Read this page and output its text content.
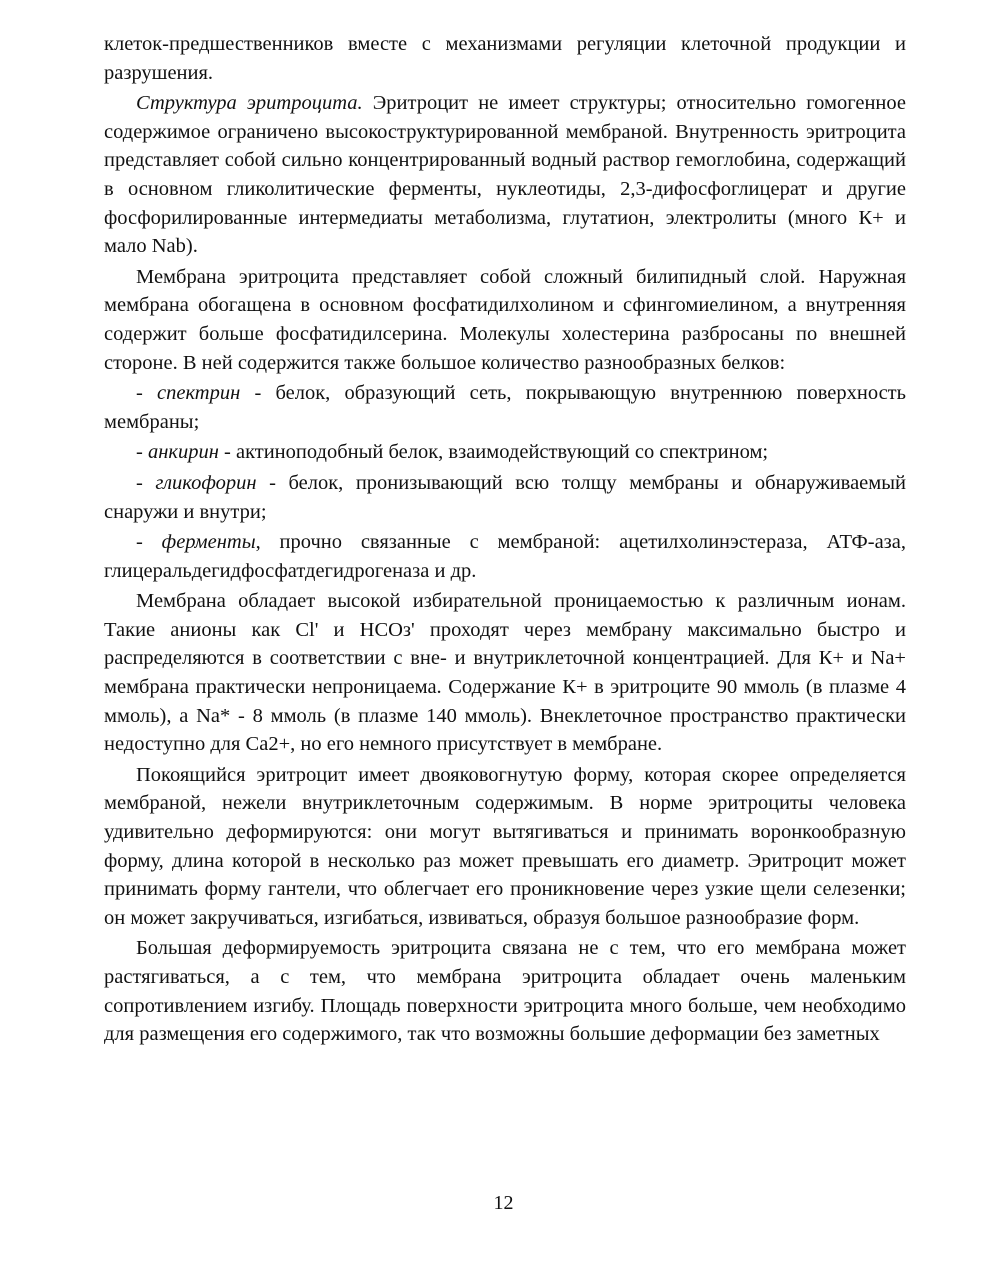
клеток-предшественников вместе с механизмами регуляции клеточной продукции и разрушения.

Структура эритроцита. Эритроцит не имеет структуры; относительно гомогенное содержимое ограничено высокоструктурированной мембраной. Внутренность эритроцита представляет собой сильно концентрированный водный раствор гемоглобина, содержащий в основном гликолитические ферменты, нуклеотиды, 2,3-дифосфоглицерат и другие фосфорилированные интермедиаты метаболизма, глутатион, электролиты (много К+ и мало Nab).

Мембрана эритроцита представляет собой сложный билипидный слой. Наружная мембрана обогащена в основном фосфатидилхолином и сфингомиелином, а внутренняя содержит больше фосфатидилсерина. Молекулы холестерина разбросаны по внешней стороне. В ней содержится также большое количество разнообразных белков:

- спектрин - белок, образующий сеть, покрывающую внутреннюю поверхность мембраны;

- анкирин - актиноподобный белок, взаимодействующий со спектрином;

- гликофорин - белок, пронизывающий всю толщу мембраны и обнаруживаемый снаружи и внутри;

- ферменты, прочно связанные с мембраной: ацетилхолинэстераза, АТФ-аза, глицеральдегидфосфатдегидрогеназа и др.

Мембрана обладает высокой избирательной проницаемостью к различным ионам. Такие анионы как Cl' и НСОз' проходят через мембрану максимально быстро и распределяются в соответствии с вне- и внутриклеточной концентрацией. Для К+ и Na+ мембрана практически непроницаема. Содержание К+ в эритроците 90 ммоль (в плазме 4 ммоль), а Na* - 8 ммоль (в плазме 140 ммоль). Внеклеточное пространство практически недоступно для Са2+, но его немного присутствует в мембране.

Покоящийся эритроцит имеет двояковогнутую форму, которая скорее определяется мембраной, нежели внутриклеточным содержимым. В норме эритроциты человека удивительно деформируются: они могут вытягиваться и принимать воронкообразную форму, длина которой в несколько раз может превышать его диаметр. Эритроцит может принимать форму гантели, что облегчает его проникновение через узкие щели селезенки; он может закручиваться, изгибаться, извиваться, образуя большое разнообразие форм.

Большая деформируемость эритроцита связана не с тем, что его мембрана может растягиваться, а с тем, что мембрана эритроцита обладает очень маленьким сопротивлением изгибу. Площадь поверхности эритроцита много больше, чем необходимо для размещения его содержимого, так что возможны большие деформации без заметных

12
